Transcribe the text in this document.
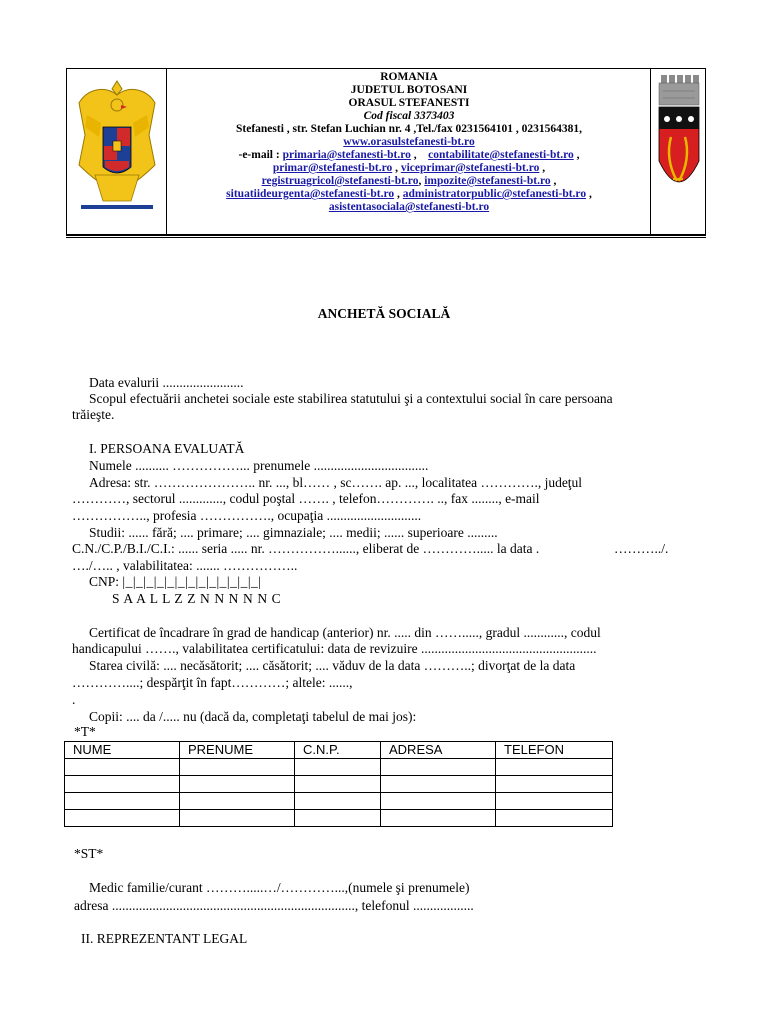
ROMANIA
JUDETUL BOTOSANI
ORASUL STEFANESTI
Cod fiscal 3373403
Stefanesti , str. Stefan Luchian nr. 4 ,Tel./fax 0231564101 , 0231564381,
www.orasulstefanesti-bt.ro
-e-mail : primaria@stefanesti-bt.ro , contabilitate@stefanesti-bt.ro ,
primar@stefanesti-bt.ro , viceprimar@stefanesti-bt.ro ,
registruagricol@stefanesti-bt.ro, impozite@stefanesti-bt.ro ,
situatiideurgenta@stefanesti-bt.ro , administratorpublic@stefanesti-bt.ro ,
asistentasociala@stefanesti-bt.ro
ANCHETĂ SOCIALĂ
Data evalurii ........................
Scopul efectuării anchetei sociale este stabilirea statutului şi a contextului social în care persoana
trăieşte.
I. PERSOANA EVALUATĂ
Numele .......... ……………... prenumele ..................................
Adresa: str. ………………….. nr. ..., bl…… , sc……. ap. ..., localitatea …………., judeţul
…………, sectorul ............., codul poştal ……. , telefon…………. .., fax ........, e-mail
…………….., profesia ……………., ocupaţia ............................
Studii: ...... fără; .... primare; .... gimnaziale; .... medii; ...... superioare .........
C.N./C.P./B.I./C.I.: ...... seria ..... nr. ……………......, eliberat de …………..... la data .	………../.
…./….. , valabilitatea: ....... ……………..
CNP: |_|_|_|_|_|_|_|_|_|_|_|_|_|
S A A L L Z Z N N N N N C
Certificat de încadrare în grad de handicap (anterior) nr. ..... din ……....., gradul ............, codul
handicapului ……., valabilitatea certificatului: data de revizuire ....................................................
Starea civilă: .... necăsătorit; .... căsătorit; .... văduv de la data ………..; divorţat de la data
…………....; despărţit în fapt…………; altele: ......,
.
Copii: .... da /..... nu (dacă da, completaţi tabelul de mai jos):
*T*
NUME	PRENUME	C.N.P.	ADRESA	TELEFON

*ST*
Medic familie/curant ……….....…/…………...,(numele şi prenumele)
adresa ........................................................................, telefonul ..................
II. REPREZENTANT LEGAL
